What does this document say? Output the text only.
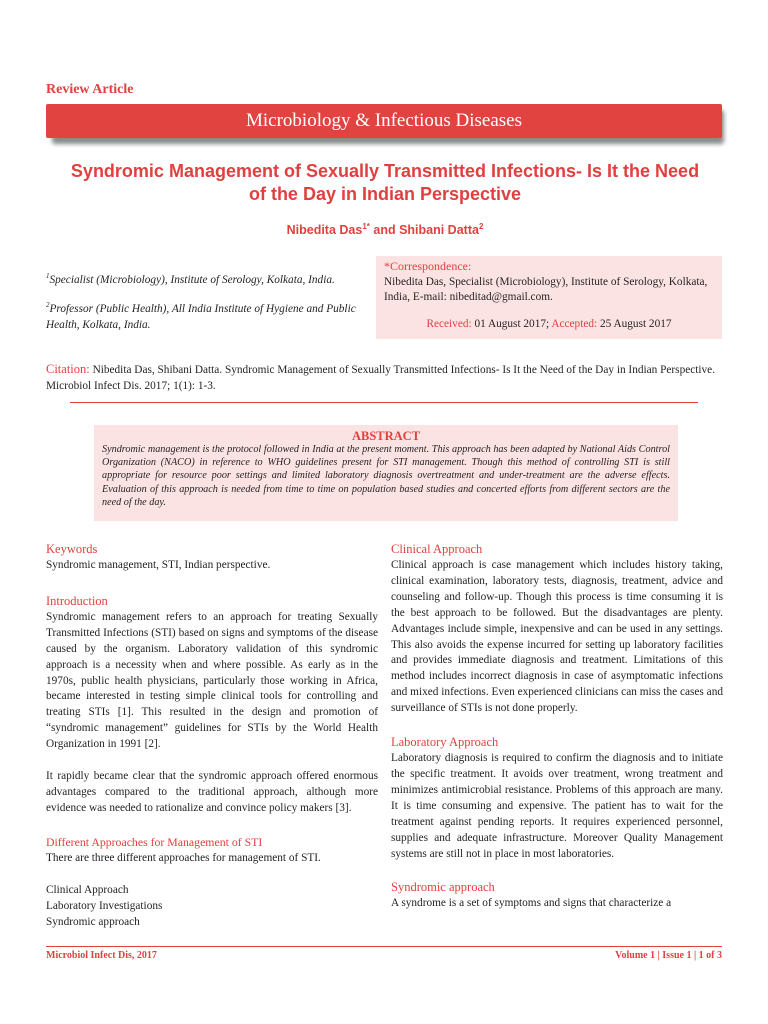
Review Article
Microbiology & Infectious Diseases
Syndromic Management of Sexually Transmitted Infections- Is It the Need
of the Day in Indian Perspective
Nibedita Das$^{1*}$ and Shibani Datta$^2$
$^1$Specialist (Microbiology), Institute of Serology, Kolkata, India.
$^2$Professor (Public Health), All India Institute of Hygiene and Public Health, Kolkata, India.
*Correspondence:
Nibedita Das, Specialist (Microbiology), Institute of Serology, Kolkata, India, E-mail: nibeditad@gmail.com.
Received: 01 August 2017; Accepted: 25 August 2017
Citation: Nibedita Das, Shibani Datta. Syndromic Management of Sexually Transmitted Infections- Is It the Need of the Day in Indian Perspective. Microbiol Infect Dis. 2017; 1(1): 1-3.
ABSTRACT
Syndromic management is the protocol followed in India at the present moment. This approach has been adapted by National Aids Control Organization (NACO) in reference to WHO guidelines present for STI management. Though this method of controlling STI is still appropriate for resource poor settings and limited laboratory diagnosis overtreatment and under-treatment are the adverse effects. Evaluation of this approach is needed from time to time on population based studies and concerted efforts from different sectors are the need of the day.
Keywords
Syndromic management, STI, Indian perspective.
Introduction
Syndromic management refers to an approach for treating Sexually Transmitted Infections (STI) based on signs and symptoms of the disease caused by the organism. Laboratory validation of this syndromic approach is a necessity when and where possible. As early as in the 1970s, public health physicians, particularly those working in Africa, became interested in testing simple clinical tools for controlling and treating STIs [1]. This resulted in the design and promotion of “syndromic management” guidelines for STIs by the World Health Organization in 1991 [2].
It rapidly became clear that the syndromic approach offered enormous advantages compared to the traditional approach, although more evidence was needed to rationalize and convince policy makers [3].
Different Approaches for Management of STI
There are three different approaches for management of STI.
Clinical Approach
Laboratory Investigations
Syndromic approach
Clinical Approach
Clinical approach is case management which includes history taking, clinical examination, laboratory tests, diagnosis, treatment, advice and counseling and follow-up. Though this process is time consuming it is the best approach to be followed. But the disadvantages are plenty. Advantages include simple, inexpensive and can be used in any settings. This also avoids the expense incurred for setting up laboratory facilities and provides immediate diagnosis and treatment. Limitations of this method includes incorrect diagnosis in case of asymptomatic infections and mixed infections. Even experienced clinicians can miss the cases and surveillance of STIs is not done properly.
Laboratory Approach
Laboratory diagnosis is required to confirm the diagnosis and to initiate the specific treatment. It avoids over treatment, wrong treatment and minimizes antimicrobial resistance. Problems of this approach are many. It is time consuming and expensive. The patient has to wait for the treatment against pending reports. It requires experienced personnel, supplies and adequate infrastructure. Moreover Quality Management systems are still not in place in most laboratories.
Syndromic approach
A syndrome is a set of symptoms and signs that characterize a
Microbiol Infect Dis, 2017	Volume 1 | Issue 1 | 1 of 3
